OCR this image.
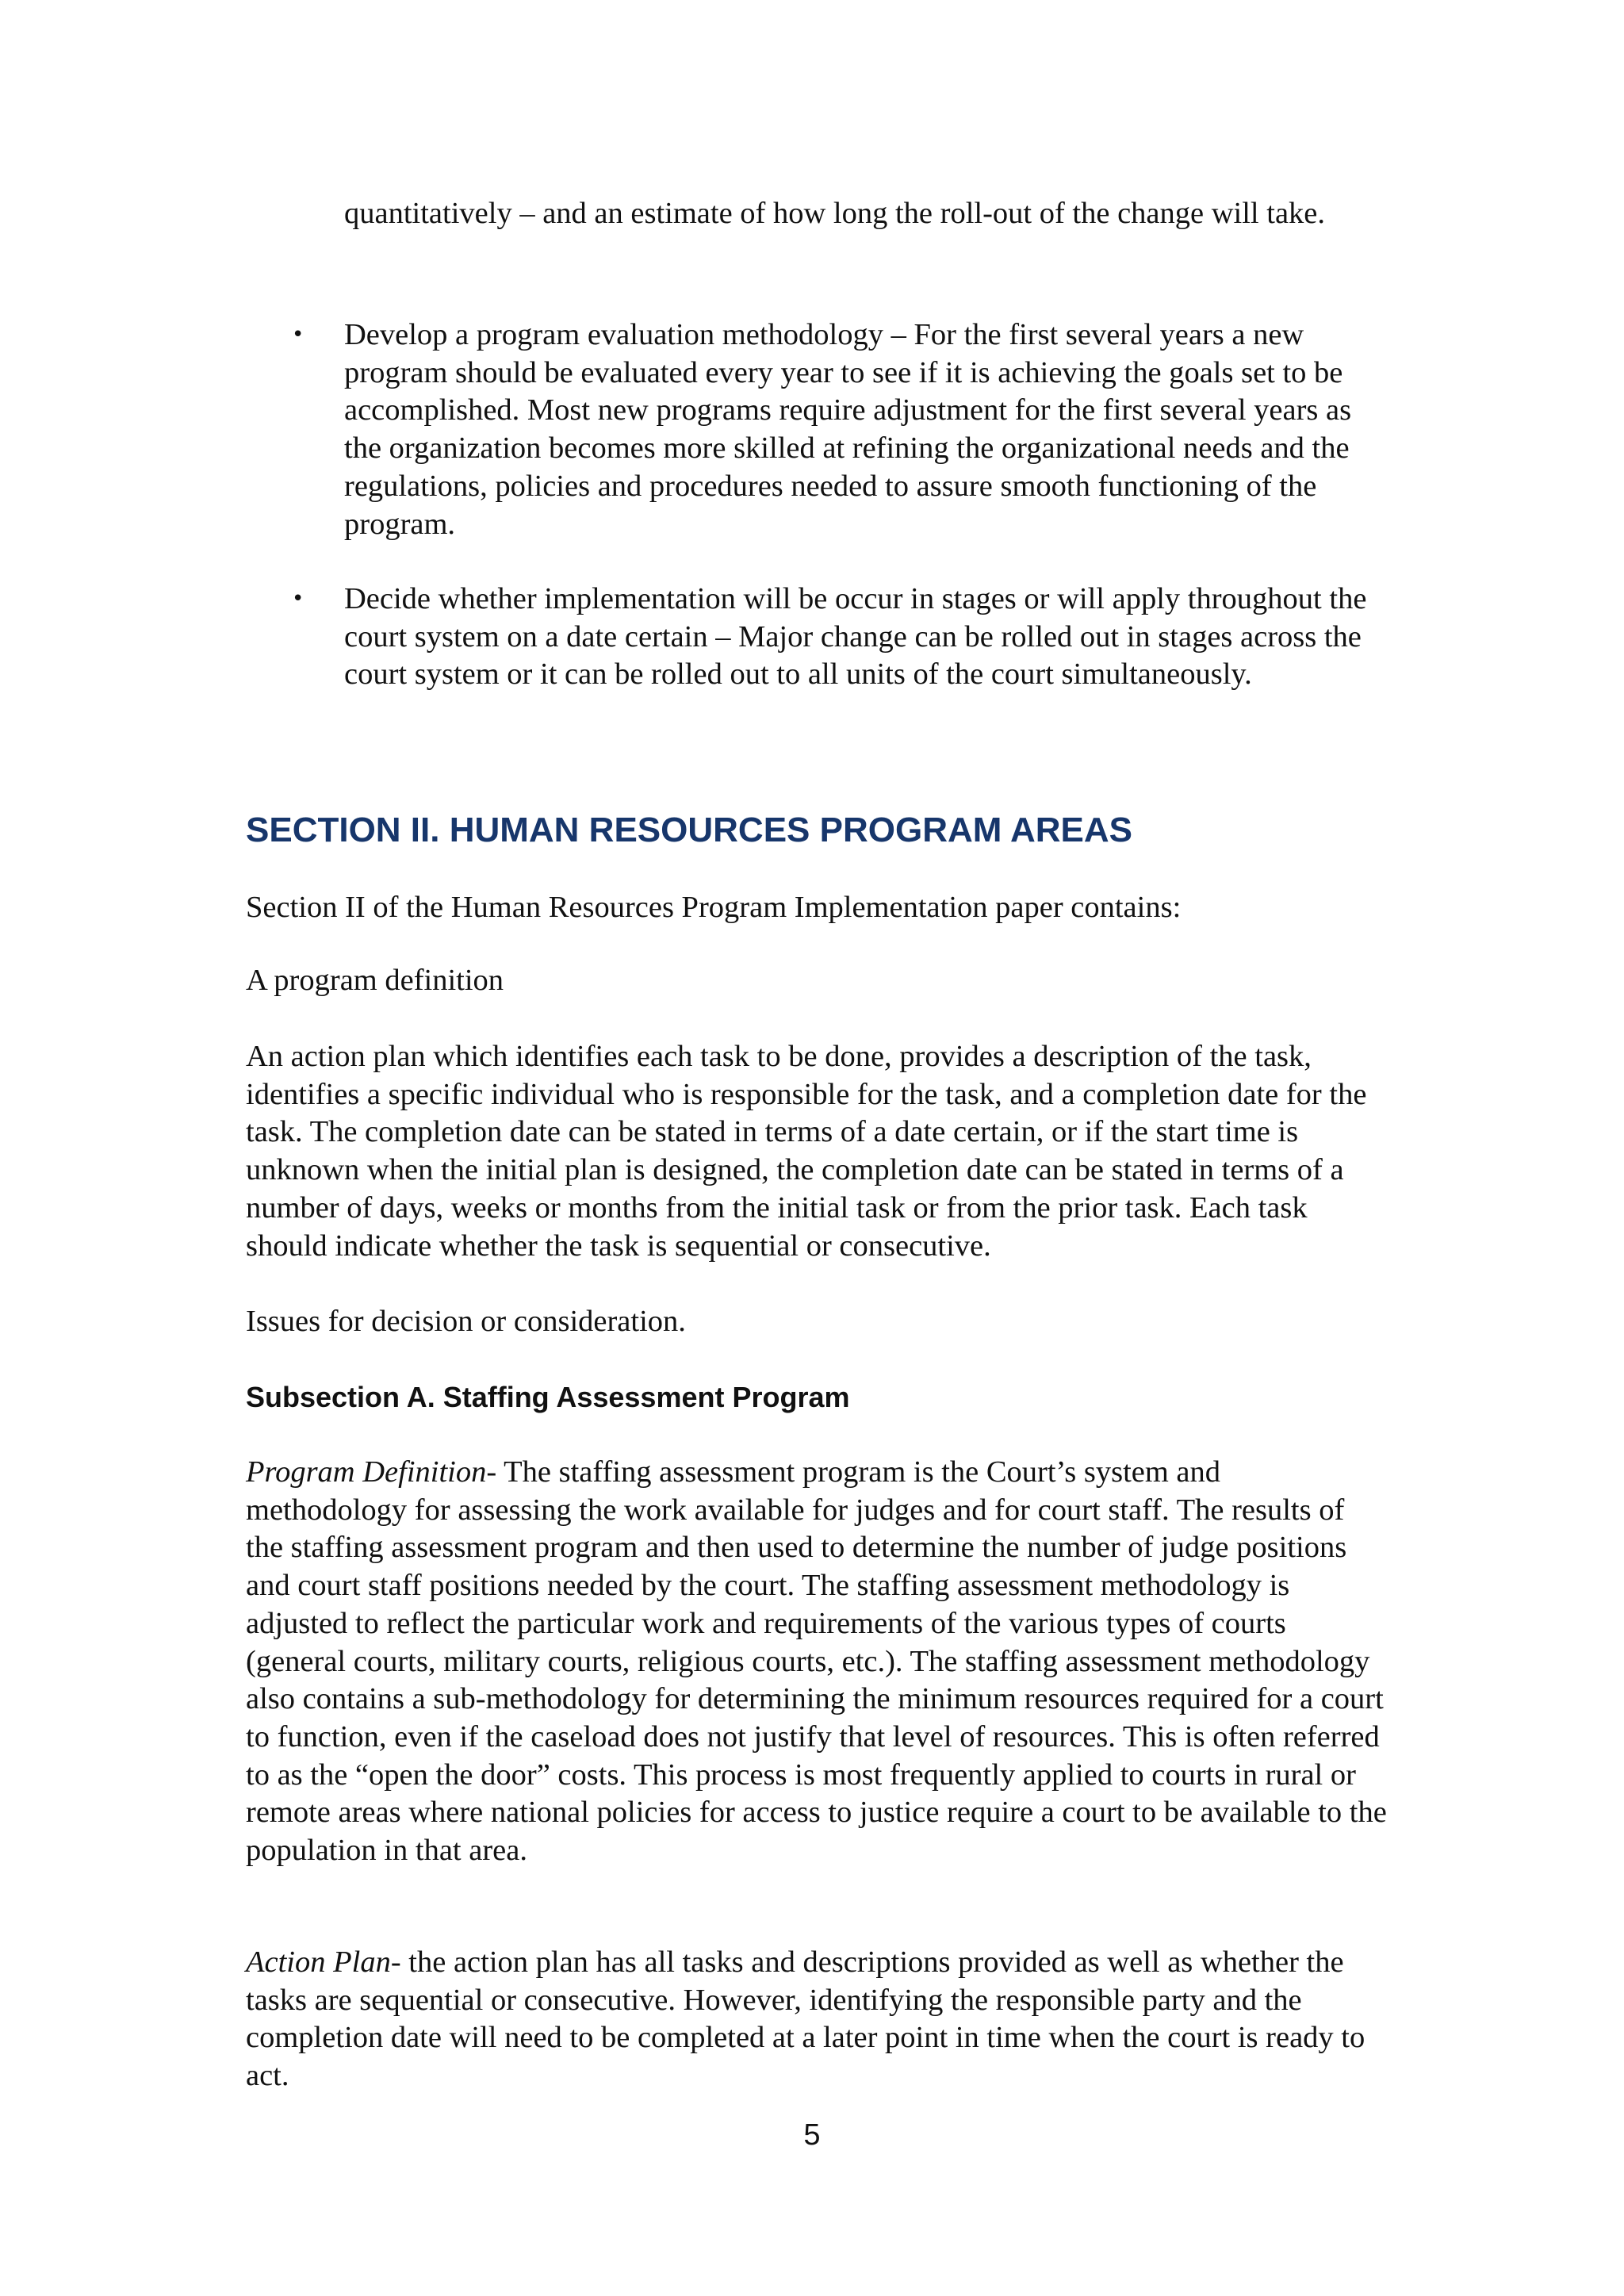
quantitatively – and an estimate of how long the roll-out of the change will take.

• Develop a program evaluation methodology – For the first several years a new program should be evaluated every year to see if it is achieving the goals set to be accomplished. Most new programs require adjustment for the first several years as the organization becomes more skilled at refining the organizational needs and the regulations, policies and procedures needed to assure smooth functioning of the program.

• Decide whether implementation will be occur in stages or will apply throughout the court system on a date certain – Major change can be rolled out in stages across the court system or it can be rolled out to all units of the court simultaneously.

SECTION II. HUMAN RESOURCES PROGRAM AREAS

Section II of the Human Resources Program Implementation paper contains:

A program definition

An action plan which identifies each task to be done, provides a description of the task, identifies a specific individual who is responsible for the task, and a completion date for the task. The completion date can be stated in terms of a date certain, or if the start time is unknown when the initial plan is designed, the completion date can be stated in terms of a number of days, weeks or months from the initial task or from the prior task. Each task should indicate whether the task is sequential or consecutive.

Issues for decision or consideration.

Subsection A. Staffing Assessment Program

Program Definition- The staffing assessment program is the Court’s system and methodology for assessing the work available for judges and for court staff. The results of the staffing assessment program and then used to determine the number of judge positions and court staff positions needed by the court. The staffing assessment methodology is adjusted to reflect the particular work and requirements of the various types of courts (general courts, military courts, religious courts, etc.). The staffing assessment methodology also contains a sub-methodology for determining the minimum resources required for a court to function, even if the caseload does not justify that level of resources. This is often referred to as the “open the door” costs. This process is most frequently applied to courts in rural or remote areas where national policies for access to justice require a court to be available to the population in that area.

Action Plan- the action plan has all tasks and descriptions provided as well as whether the tasks are sequential or consecutive. However, identifying the responsible party and the completion date will need to be completed at a later point in time when the court is ready to act.

5
